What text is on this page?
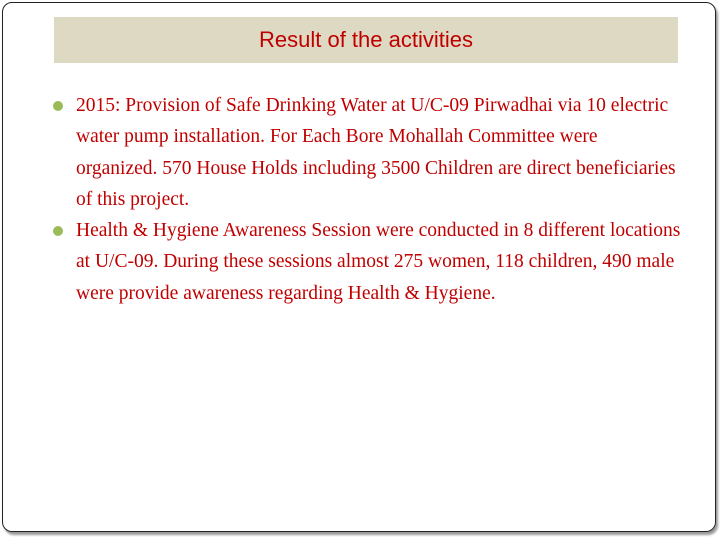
Result of the activities
2015: Provision of Safe Drinking Water at U/C-09 Pirwadhai via 10 electric water pump installation. For Each Bore Mohallah Committee were organized. 570 House Holds including 3500 Children are direct beneficiaries of this project.
Health & Hygiene Awareness Session were conducted in 8 different locations at U/C-09. During these sessions almost 275 women, 118 children, 490 male were provide awareness regarding Health & Hygiene.
